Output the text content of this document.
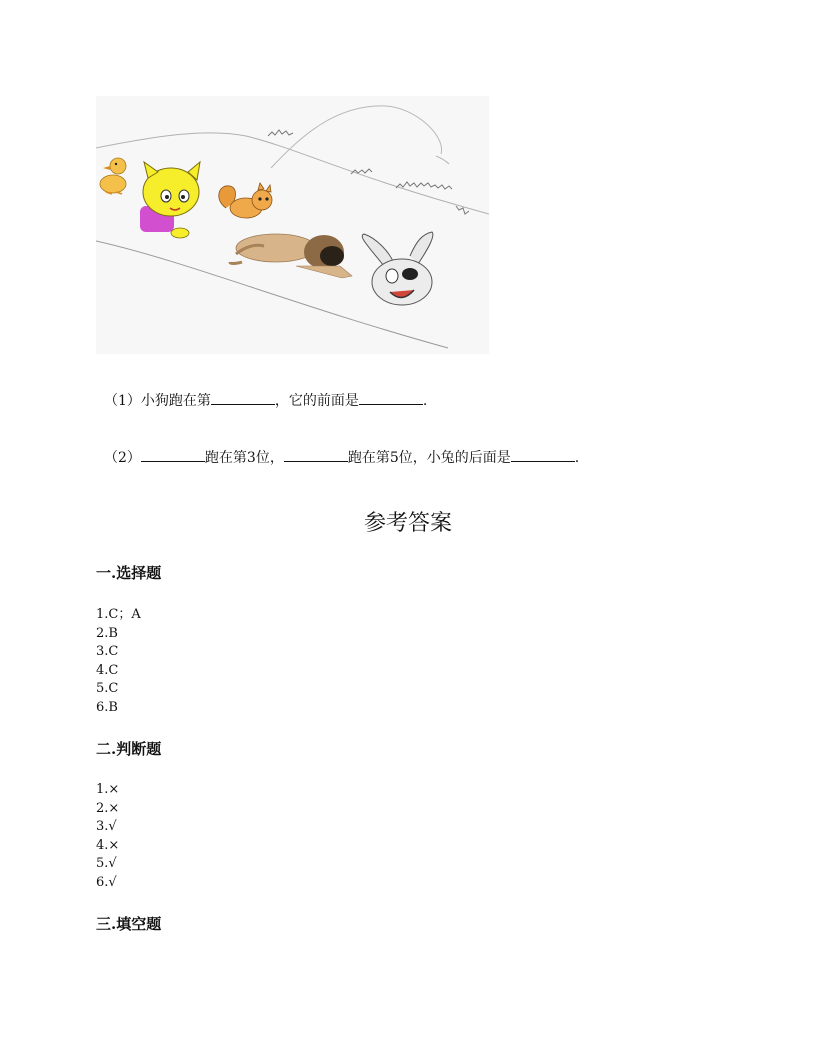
（1）小狗跑在第	，它的前面是	.
（2）	跑在第3位，	跑在第5位，小兔的后面是	.
参考答案
一.选择题
1.C；A
2.B
3.C
4.C
5.C
6.B
二.判断题
1.×
2.×
3.√
4.×
5.√
6.√
三.填空题
